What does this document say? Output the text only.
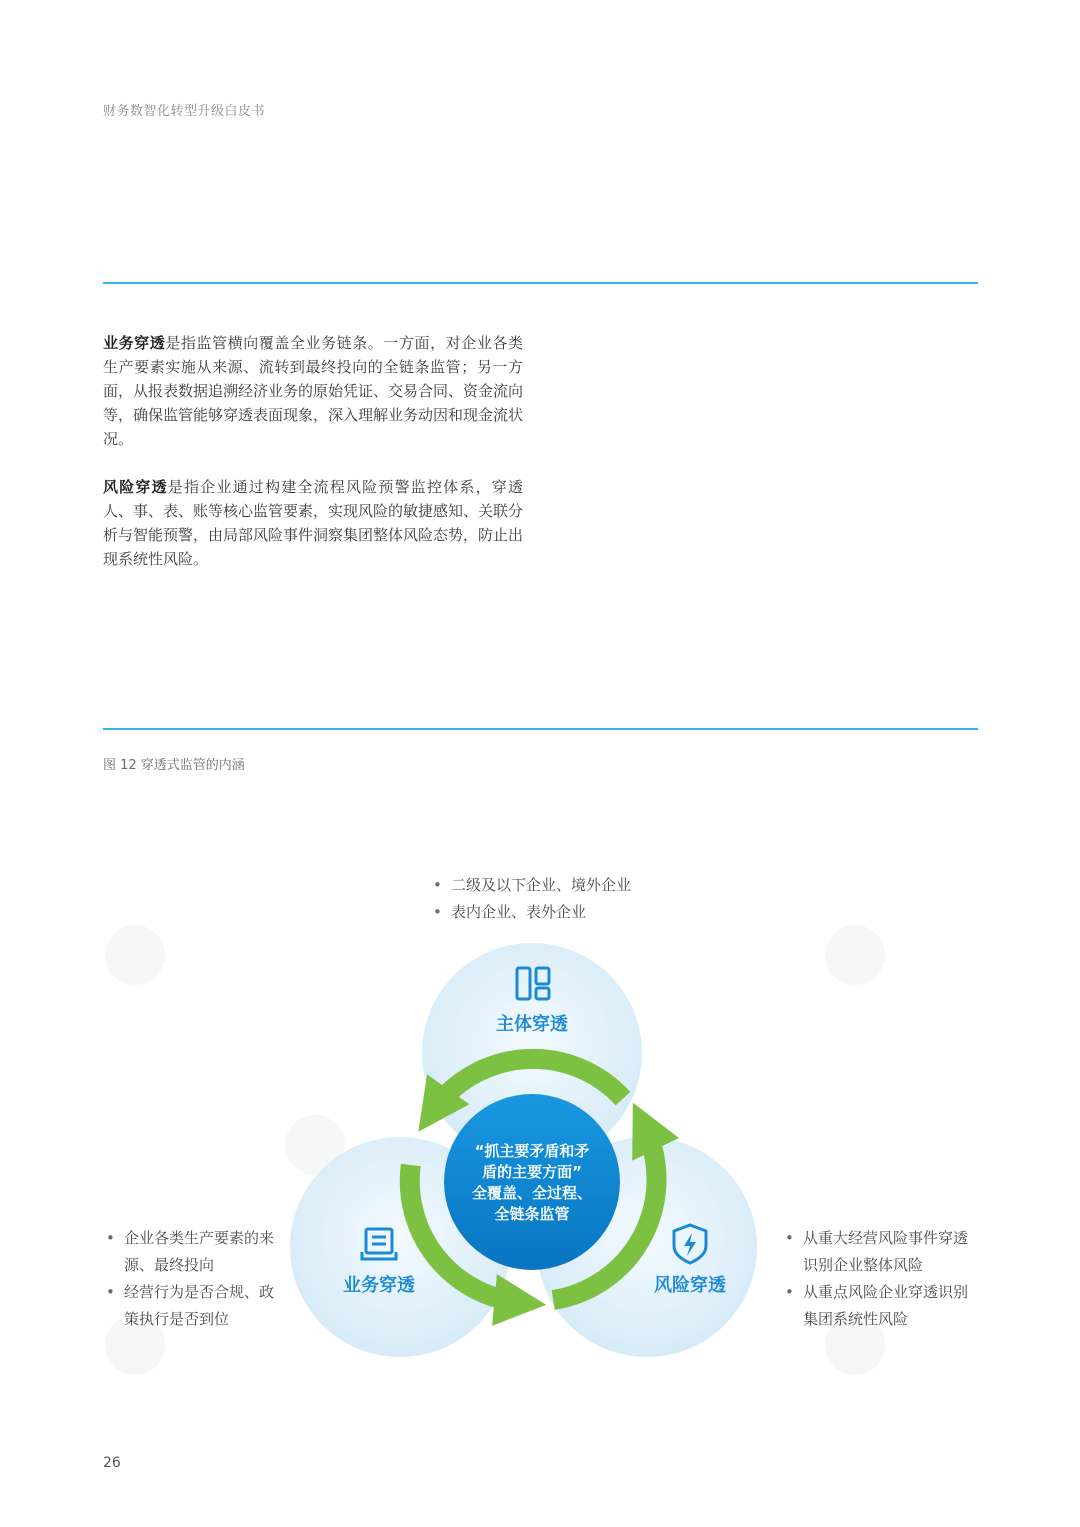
财务数智化转型升级白皮书

业务穿透是指监管横向覆盖全业务链条。一方面，对企业各类生产要素实施从来源、流转到最终投向的全链条监管；另一方面，从报表数据追溯经济业务的原始凭证、交易合同、资金流向等，确保监管能够穿透表面现象，深入理解业务动因和现金流状况。

风险穿透是指企业通过构建全流程风险预警监控体系，穿透人、事、表、账等核心监管要素，实现风险的敏捷感知、关联分析与智能预警，由局部风险事件洞察集团整体风险态势，防止出现系统性风险。

图 12 穿透式监管的内涵
“抓主要矛盾和矛
盾的主要方面”
全覆盖、全过程、
全链条监管
主体穿透
业务穿透	风险穿透
• 二级及以下企业、境外企业
• 表内企业、表外企业
• 企业各类生产要素的来源、最终投向
• 经营行为是否合规、政策执行是否到位
• 从重大经营风险事件穿透识别企业整体风险
• 从重点风险企业穿透识别集团系统性风险
26
